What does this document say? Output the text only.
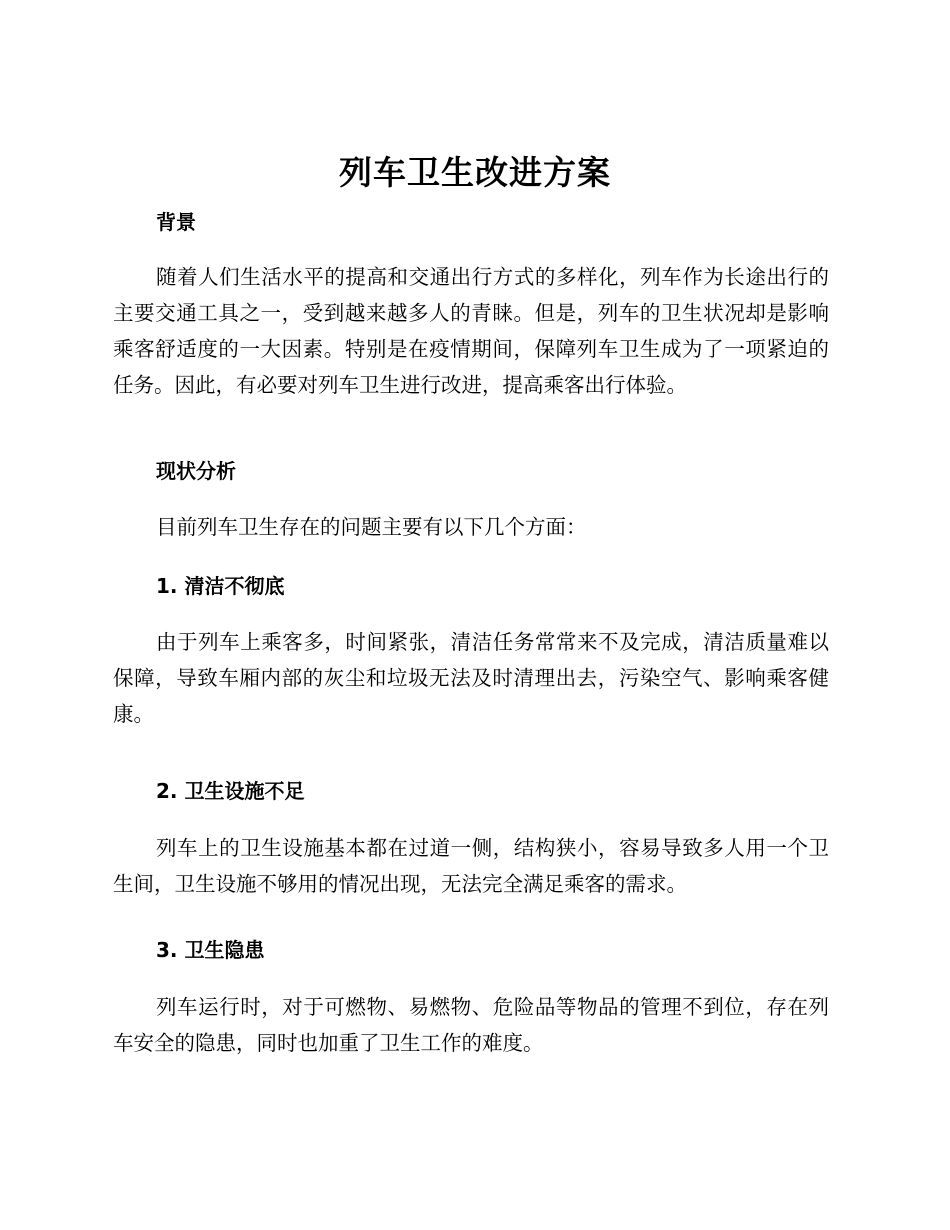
列车卫生改进方案
背景

随着人们生活水平的提高和交通出行方式的多样化，列车作为长途出行的主要交通工具之一，受到越来越多人的青睐。但是，列车的卫生状况却是影响乘客舒适度的一大因素。特别是在疫情期间，保障列车卫生成为了一项紧迫的任务。因此，有必要对列车卫生进行改进，提高乘客出行体验。

现状分析

目前列车卫生存在的问题主要有以下几个方面：

1. 清洁不彻底

由于列车上乘客多，时间紧张，清洁任务常常来不及完成，清洁质量难以保障，导致车厢内部的灰尘和垃圾无法及时清理出去，污染空气、影响乘客健康。

2. 卫生设施不足

列车上的卫生设施基本都在过道一侧，结构狭小，容易导致多人用一个卫生间，卫生设施不够用的情况出现，无法完全满足乘客的需求。

3. 卫生隐患

列车运行时，对于可燃物、易燃物、危险品等物品的管理不到位，存在列车安全的隐患，同时也加重了卫生工作的难度。
